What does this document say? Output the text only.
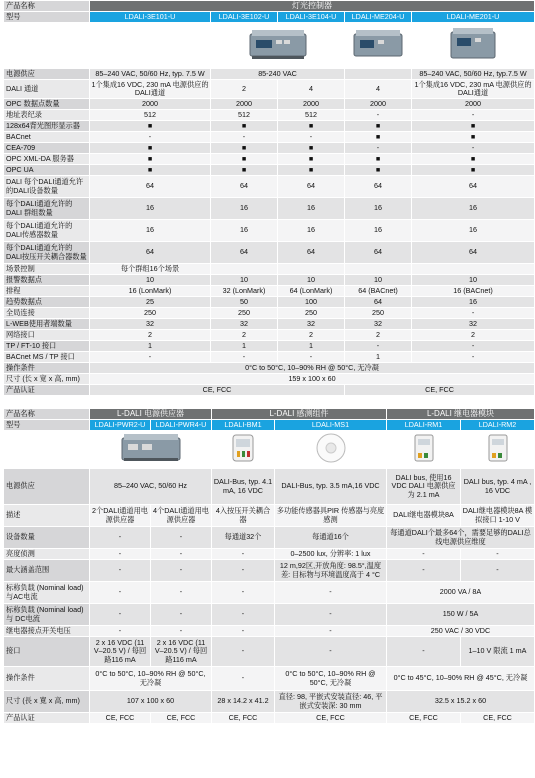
产品名称	灯光控制器				
型号	LDALI-3E101-U	LDALI-3E102-U	LDALI-3E104-U	LDALI-ME204-U	LDALI-ME201-U

电源供应	85–240 VAC, 50/60 Hz, typ. 7.5 W	85-240 VAC			85–240 VAC, 50/60 Hz, typ.7.5 W
DALI 通道	1个集成16 VDC, 230 mA 电源供应的DALI通道	2	4	4	1个集成16 VDC, 230 mA 电源供应的DALI通道
OPC 数据点数量	2000	2000	2000	2000	2000
地址表纪录	512	512	512	-	-
128x64背光图形显示器	■	■	■	■	■
BACnet	-	-	-	■	■
CEA-709	■	■	■	-	-
OPC XML-DA 服务器	■	■	■	■	■
OPC UA	■	■	■	■	■
DALI 每个DALI通道允许的DALI设备数量	64	64	64	64	64
每个DALI通道允许的 DALI 群组数量	16	16	16	16	16
每个DALI通道允许的 DALI传感器数量	16	16	16	16	16
每个DALI通道允许的 DALI按压开关耦合器数量	64	64	64	64	64
场景控制	每个群组16个场景				
报警数据点	10	10	10	10	10
排程	16 (LonMark)	32 (LonMark)	64 (LonMark)	64 (BACnet)	16 (BACnet)
趋势数据点	25	50	100	64	16
全局连接	250	250	250	250	-
L-WEB使用者端数量	32	32	32	32	32
网络接口	2	2	2	2	2
TP / FT-10 接口	1	1	1	-	-
BACnet MS / TP 接口	-	-	-	1	-
操作条件	0°C to 50°C, 10–90% RH @ 50°C, 无冷凝				
尺寸 (长 x 宽 x 高, mm)	159 x 100 x 60				
产品认证	CE, FCC			CE, FCC	
产品名称	L-DALI 电源供应器		L-DALI 感测组件		L-DALI 继电器模块	
型号	LDALI-PWR2-U	LDALI-PWR4-U	LDALI-BM1	LDALI-MS1	LDALI-RM1	LDALI-RM2

电源供应	85–240 VAC, 50/60 Hz		DALI-Bus, typ. 4.1 mA, 16 VDC	DALI-Bus, typ. 3.5 mA,16 VDC	DALI bus, 使用16 VDC DALI 电源供应为 2.1 mA	DALI bus, typ. 4 mA , 16 VDC
描述	2个DALI通道用电源供应器	4个DALI通道用电源供应器	4入按压开关耦合器	多功能传感器具PIR 传感器与亮度感测	DALI继电器模块8A	DALI继电器模块8A 模拟接口 1-10 V
设备数量	-	-	每通道32个	每通道16个	每通道DALI个最多64个，需要足够的DALI总线电源供应维度	
亮度侦测	-	-	-	0–2500 lux, 分辨率: 1 lux	-	-
最大涵盖范围	-	-	-	12 m,92区,开放角度: 98.5°,温度差: 目标物与环境温度高于 4 °C	-	-
标称负载 (Nominal load) 与AC电流	-	-	-	-	2000 VA / 8A	
标称负载 (Nominal load) 与 DC电流	-	-	-	-	150 W / 5A	
继电器接点开关电压	-	-	-	-	250 VAC / 30 VDC	
接口	2 x 16 VDC (11 V–20.5 V) / 每回路116 mA	2 x 16 VDC (11 V–20.5 V) / 每回路116 mA	-	-	-	1–10 V 限流 1 mA
操作条件	0°C to 50°C, 10–90% RH @ 50°C, 无冷凝		-	0°C to 50°C, 10–90% RH @ 50°C, 无冷凝	0°C to 45°C, 10–90% RH @ 45°C, 无冷凝	
尺寸 (長 x 寬 x 高, mm)	107 x 100 x 60		28 x 14.2 x 41.2	直径: 98, 平嵌式安装直径: 46, 平嵌式安装深: 30 mm	32.5 x 15.2 x 60	
产品认证	CE, FCC	CE, FCC	CE, FCC	CE, FCC	CE, FCC	CE, FCC
